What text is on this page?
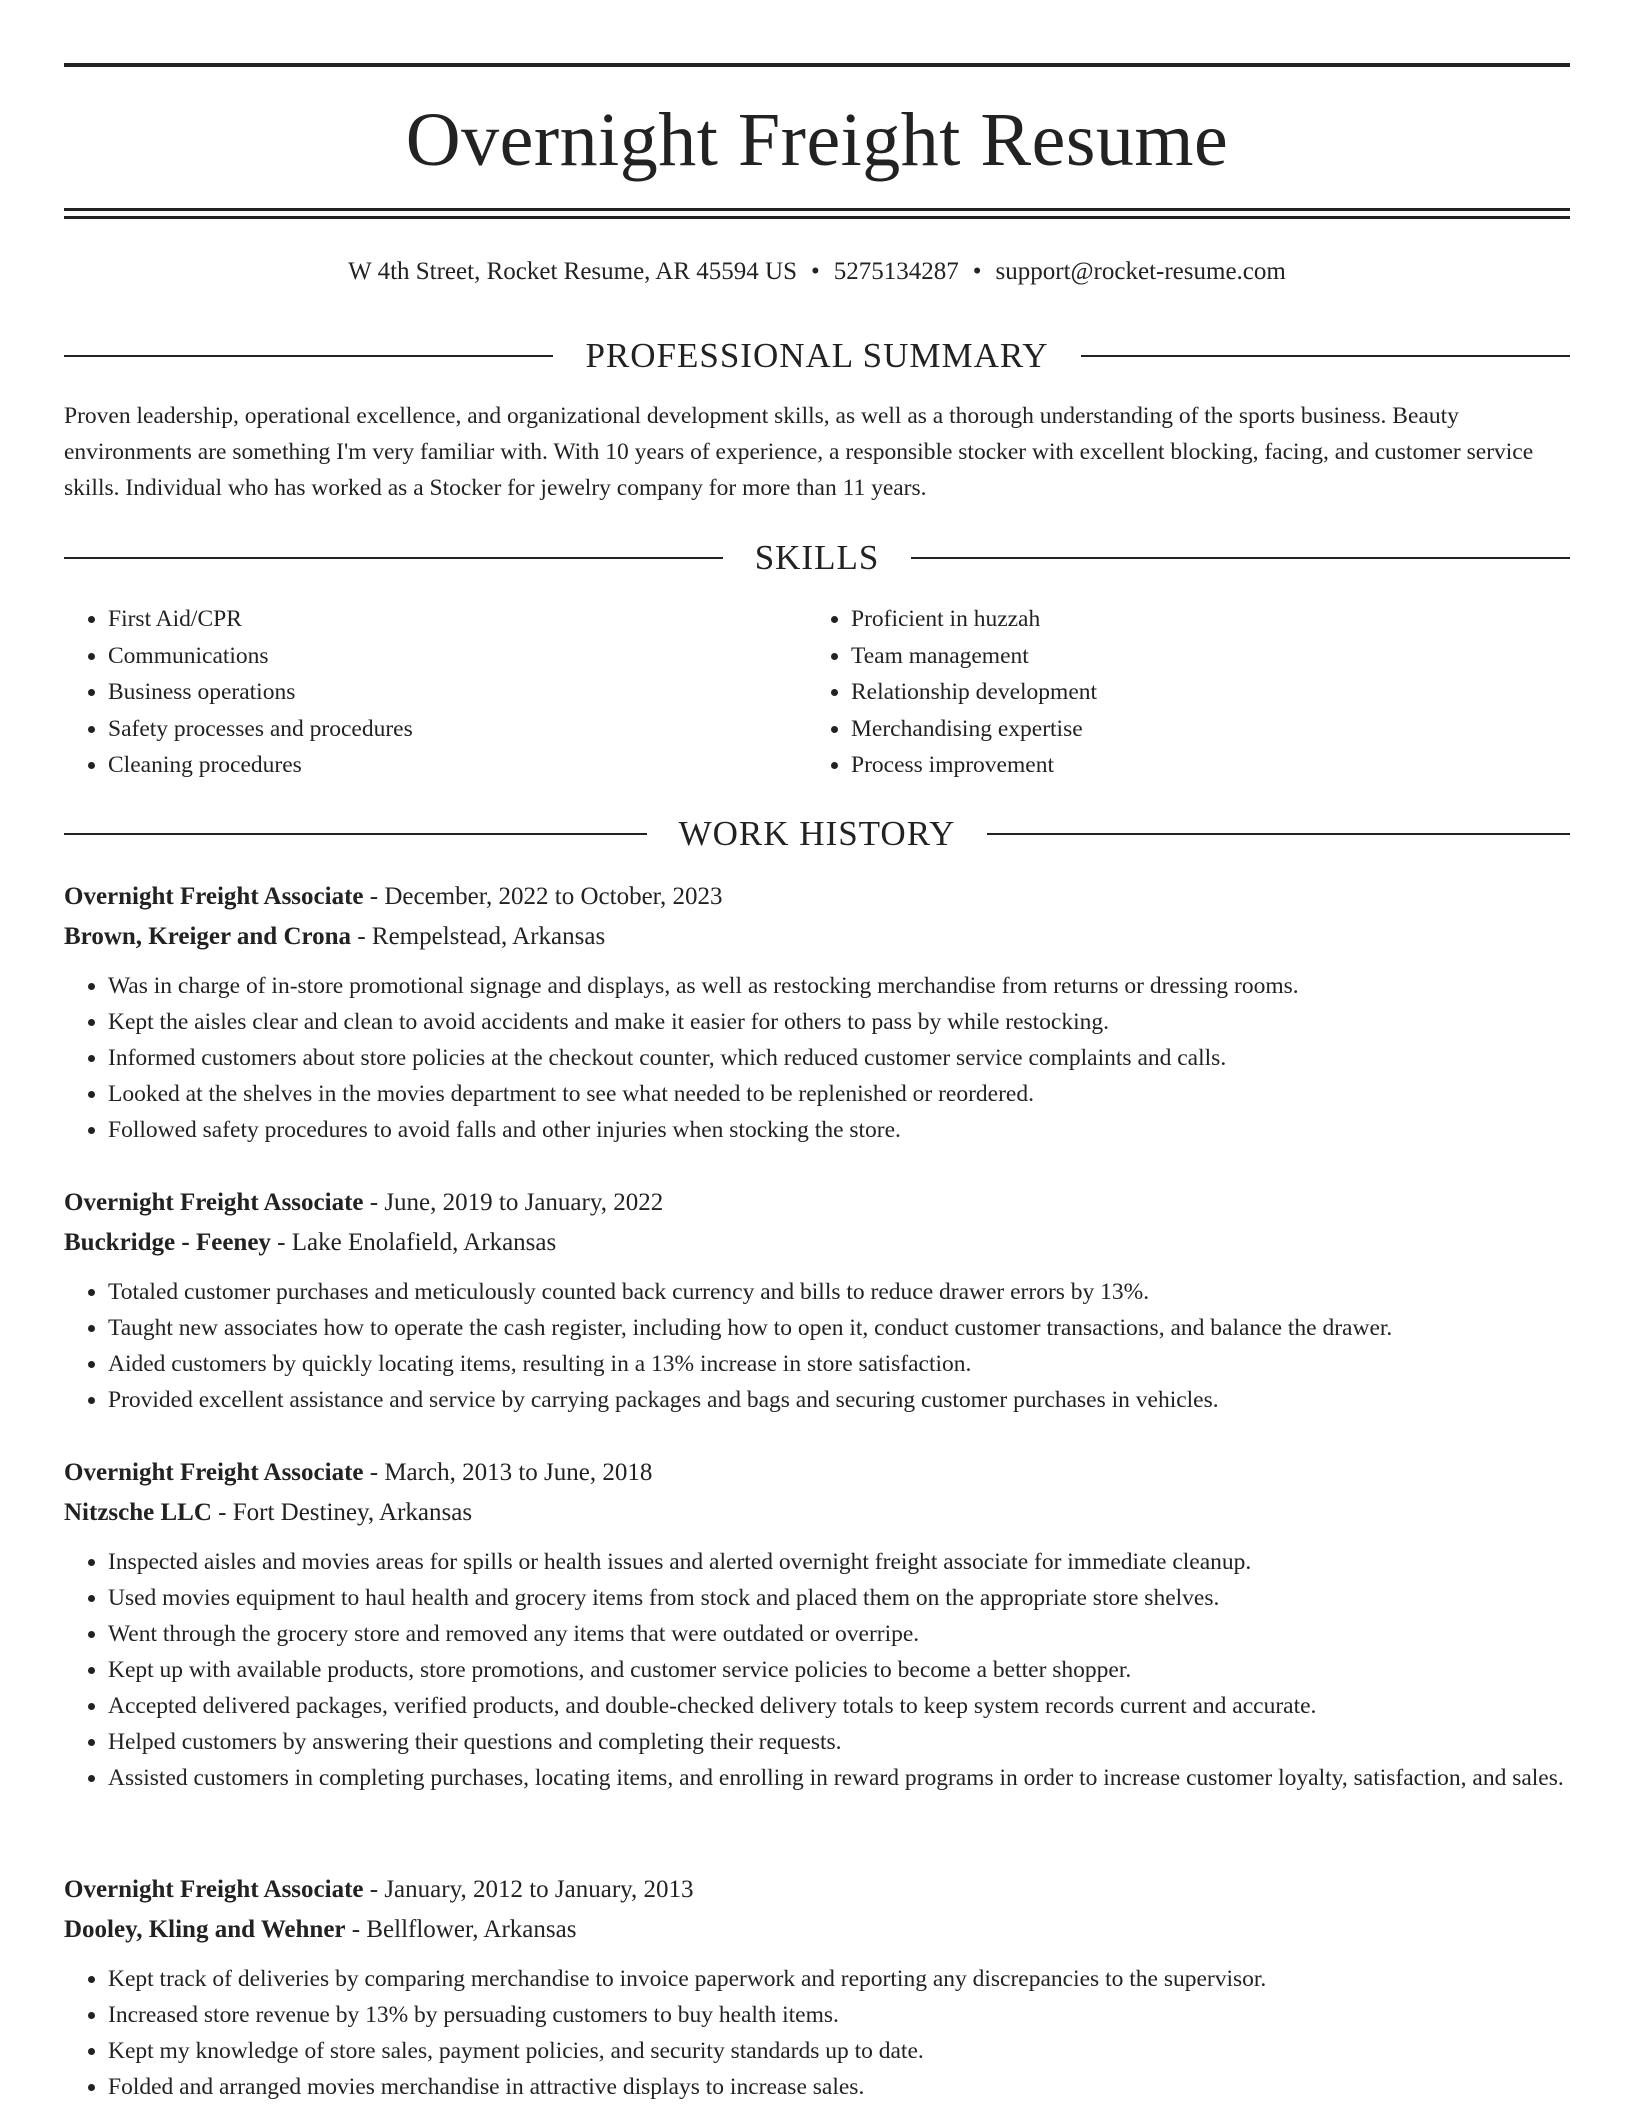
Overnight Freight Resume
W 4th Street, Rocket Resume, AR 45594 US • 5275134287 • support@rocket-resume.com
PROFESSIONAL SUMMARY

Proven leadership, operational excellence, and organizational development skills, as well as a thorough understanding of the sports business. Beauty environments are something I'm very familiar with. With 10 years of experience, a responsible stocker with excellent blocking, facing, and customer service skills. Individual who has worked as a Stocker for jewelry company for more than 11 years.

SKILLS
• First Aid/CPR
• Communications
• Business operations
• Safety processes and procedures
• Cleaning procedures
• Proficient in huzzah
• Team management
• Relationship development
• Merchandising expertise
• Process improvement
WORK HISTORY
Overnight Freight Associate - December, 2022 to October, 2023
Brown, Kreiger and Crona - Rempelstead, Arkansas
• Was in charge of in-store promotional signage and displays, as well as restocking merchandise from returns or dressing rooms.
• Kept the aisles clear and clean to avoid accidents and make it easier for others to pass by while restocking.
• Informed customers about store policies at the checkout counter, which reduced customer service complaints and calls.
• Looked at the shelves in the movies department to see what needed to be replenished or reordered.
• Followed safety procedures to avoid falls and other injuries when stocking the store.
Overnight Freight Associate - June, 2019 to January, 2022
Buckridge - Feeney - Lake Enolafield, Arkansas
• Totaled customer purchases and meticulously counted back currency and bills to reduce drawer errors by 13%.
• Taught new associates how to operate the cash register, including how to open it, conduct customer transactions, and balance the drawer.
• Aided customers by quickly locating items, resulting in a 13% increase in store satisfaction.
• Provided excellent assistance and service by carrying packages and bags and securing customer purchases in vehicles.
Overnight Freight Associate - March, 2013 to June, 2018
Nitzsche LLC - Fort Destiney, Arkansas
• Inspected aisles and movies areas for spills or health issues and alerted overnight freight associate for immediate cleanup.
• Used movies equipment to haul health and grocery items from stock and placed them on the appropriate store shelves.
• Went through the grocery store and removed any items that were outdated or overripe.
• Kept up with available products, store promotions, and customer service policies to become a better shopper.
• Accepted delivered packages, verified products, and double-checked delivery totals to keep system records current and accurate.
• Helped customers by answering their questions and completing their requests.
• Assisted customers in completing purchases, locating items, and enrolling in reward programs in order to increase customer loyalty, satisfaction, and sales.
Overnight Freight Associate - January, 2012 to January, 2013
Dooley, Kling and Wehner - Bellflower, Arkansas
• Kept track of deliveries by comparing merchandise to invoice paperwork and reporting any discrepancies to the supervisor.
• Increased store revenue by 13% by persuading customers to buy health items.
• Kept my knowledge of store sales, payment policies, and security standards up to date.
• Folded and arranged movies merchandise in attractive displays to increase sales.
